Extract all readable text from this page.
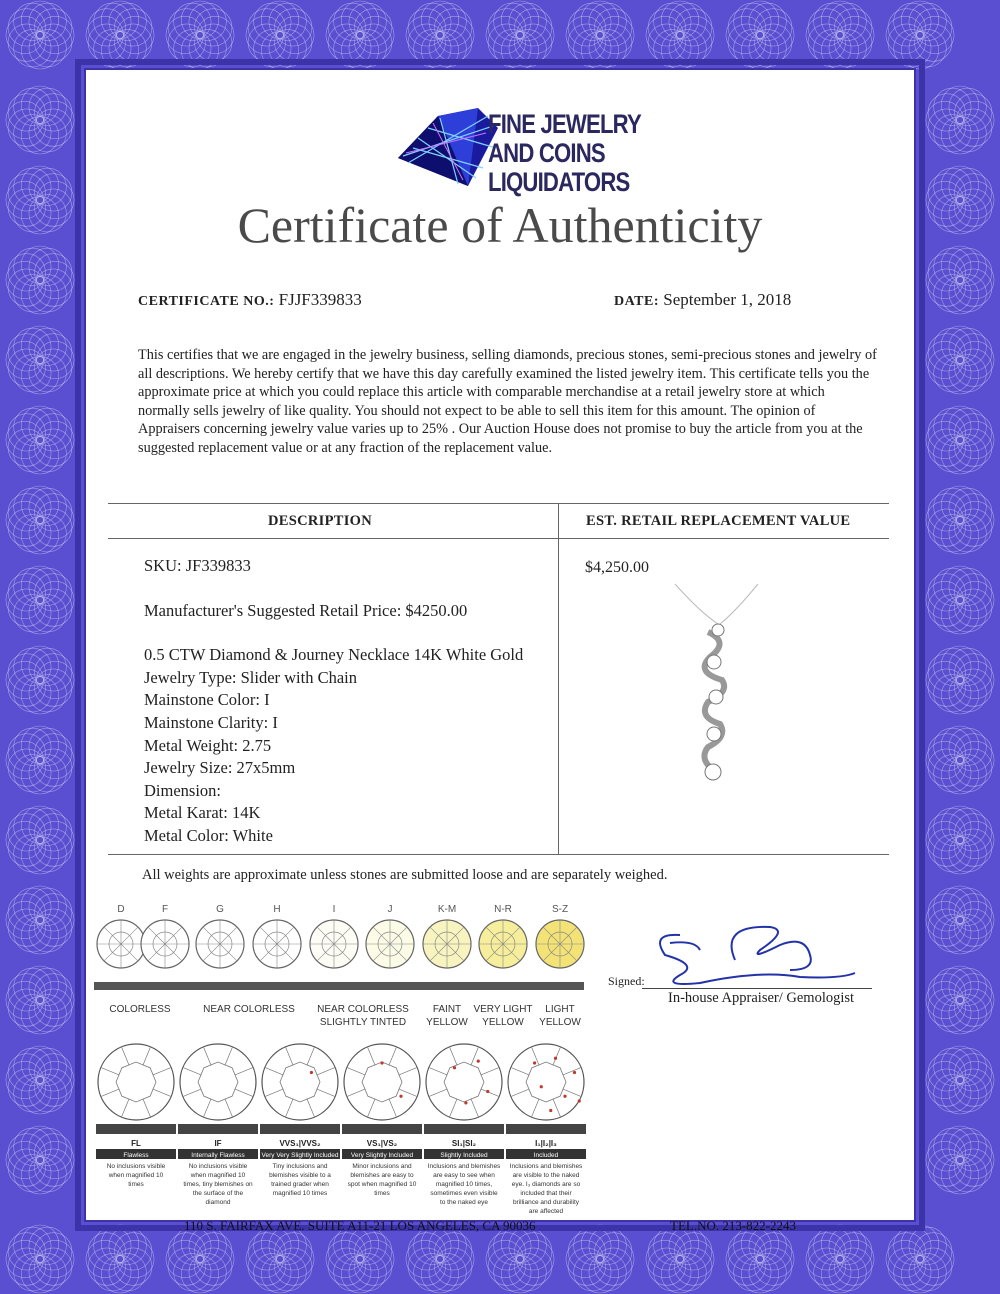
FINE JEWELRY
AND COINS
LIQUIDATORS
Certificate of Authenticity
CERTIFICATE NO.: FJJF339833	DATE: September 1, 2018
This certifies that we are engaged in the jewelry business, selling diamonds, precious stones, semi-precious stones and jewelry of all descriptions. We hereby certify that we have this day carefully examined the listed jewelry item. This certificate tells you the approximate price at which you could replace this article with comparable merchandise at a retail jewelry store at which normally sells jewelry of like quality. You should not expect to be able to sell this item for this amount. The opinion of Appraisers concerning jewelry value varies up to 25% . Our Auction House does not promise to buy the article from you at the suggested replacement value or at any fraction of the replacement value.
DESCRIPTION	EST. RETAIL REPLACEMENT VALUE
SKU: JF339833
Manufacturer's Suggested Retail Price: $4250.00
0.5 CTW Diamond & Journey Necklace 14K White Gold
Jewelry Type: Slider with Chain
Mainstone Color: I
Mainstone Clarity: I
Metal Weight: 2.75
Jewelry Size: 27x5mm
Dimension:
Metal Karat: 14K
Metal Color: White
$4,250.00
All weights are approximate unless stones are submitted loose and are separately weighed.
D	F	G	H	I	J	K-M	N-R	S-Z
COLORLESS	NEAR COLORLESS NEAR COLORLESS
SLIGHTLY TINTED
FAINT
YELLOW
VERY LIGHT
YELLOW
LIGHT
YELLOW
FL
Flawless
No inclusions visible
when magnified 10
times
IF
Internally Flawless
No inclusions visible
when magnified 10
times, tiny blemishes on
the surface of the
diamond
VVS₁|VVS₂
Very Very Slightly Included
Tiny inclusions and
blemishes visible to a
trained grader when
magnified 10 times
VS₁|VS₂
Very Slightly Included
Minor inclusions and
blemishes are easy to
spot when magnified 10
times
SI₁|SI₂
Slightly Included
Inclusions and blemishes
are easy to see when
magnified 10 times,
sometimes even visible
to the naked eye
I₁|I₂|I₃
Included
Inclusions and blemishes
are visible to the naked
eye. I₃ diamonds are so
included that their
brilliance and durability
are affected
Signed:
In-house Appraiser/ Gemologist
110 S. FAIRFAX AVE. SUITE A11-21 LOS ANGELES, CA 90036	TEL.NO. 213-822-2243
